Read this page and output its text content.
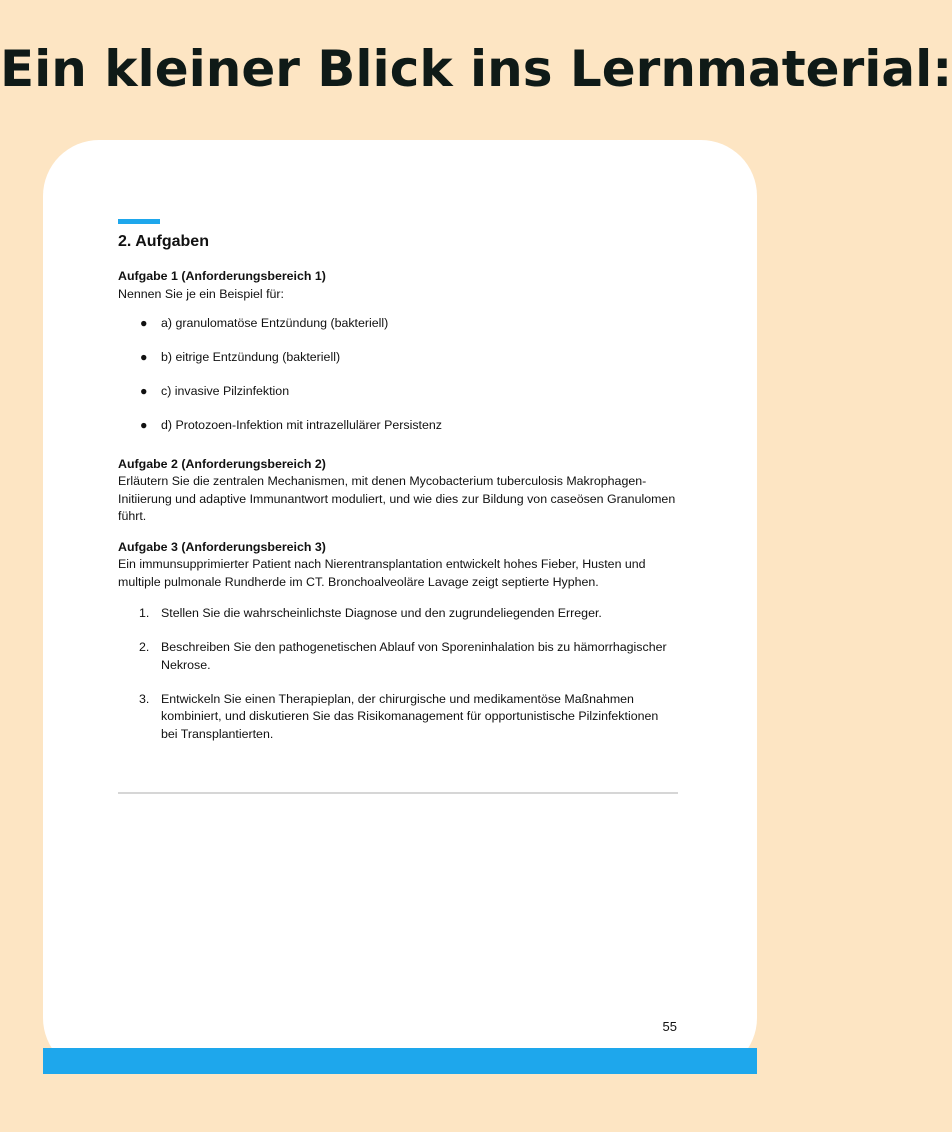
Ein kleiner Blick ins Lernmaterial:
2. Aufgaben
Aufgabe 1 (Anforderungsbereich 1)
Nennen Sie je ein Beispiel für:
● a) granulomatöse Entzündung (bakteriell)
● b) eitrige Entzündung (bakteriell)
● c) invasive Pilzinfektion
● d) Protozoen-Infektion mit intrazellulärer Persistenz
Aufgabe 2 (Anforderungsbereich 2)
Erläutern Sie die zentralen Mechanismen, mit denen Mycobacterium tuberculosis Makrophagen-Initiierung und adaptive Immunantwort moduliert, und wie dies zur Bildung von caseösen Granulomen führt.
Aufgabe 3 (Anforderungsbereich 3)
Ein immunsupprimierter Patient nach Nierentransplantation entwickelt hohes Fieber, Husten und multiple pulmonale Rundherde im CT. Bronchoalveoläre Lavage zeigt septierte Hyphen.
1. Stellen Sie die wahrscheinlichste Diagnose und den zugrundeliegenden Erreger.
2. Beschreiben Sie den pathogenetischen Ablauf von Sporeninhalation bis zu hämorrhagischer Nekrose.
3. Entwickeln Sie einen Therapieplan, der chirurgische und medikamentöse Maßnahmen kombiniert, und diskutieren Sie das Risikomanagement für opportunistische Pilzinfektionen bei Transplantierten.
55
